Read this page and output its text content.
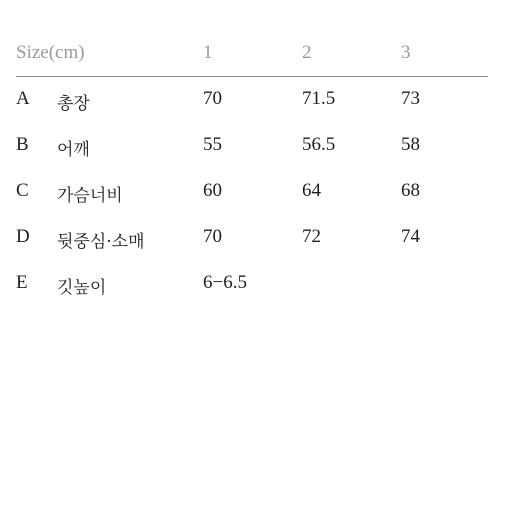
Size(cm)	1	2	3
A 총장	70	71.5	73
B 어깨	55	56.5	58
C 가슴너비	60	64	68
D 뒷중심·소매	70	72	74
E 깃높이	6−6.5
